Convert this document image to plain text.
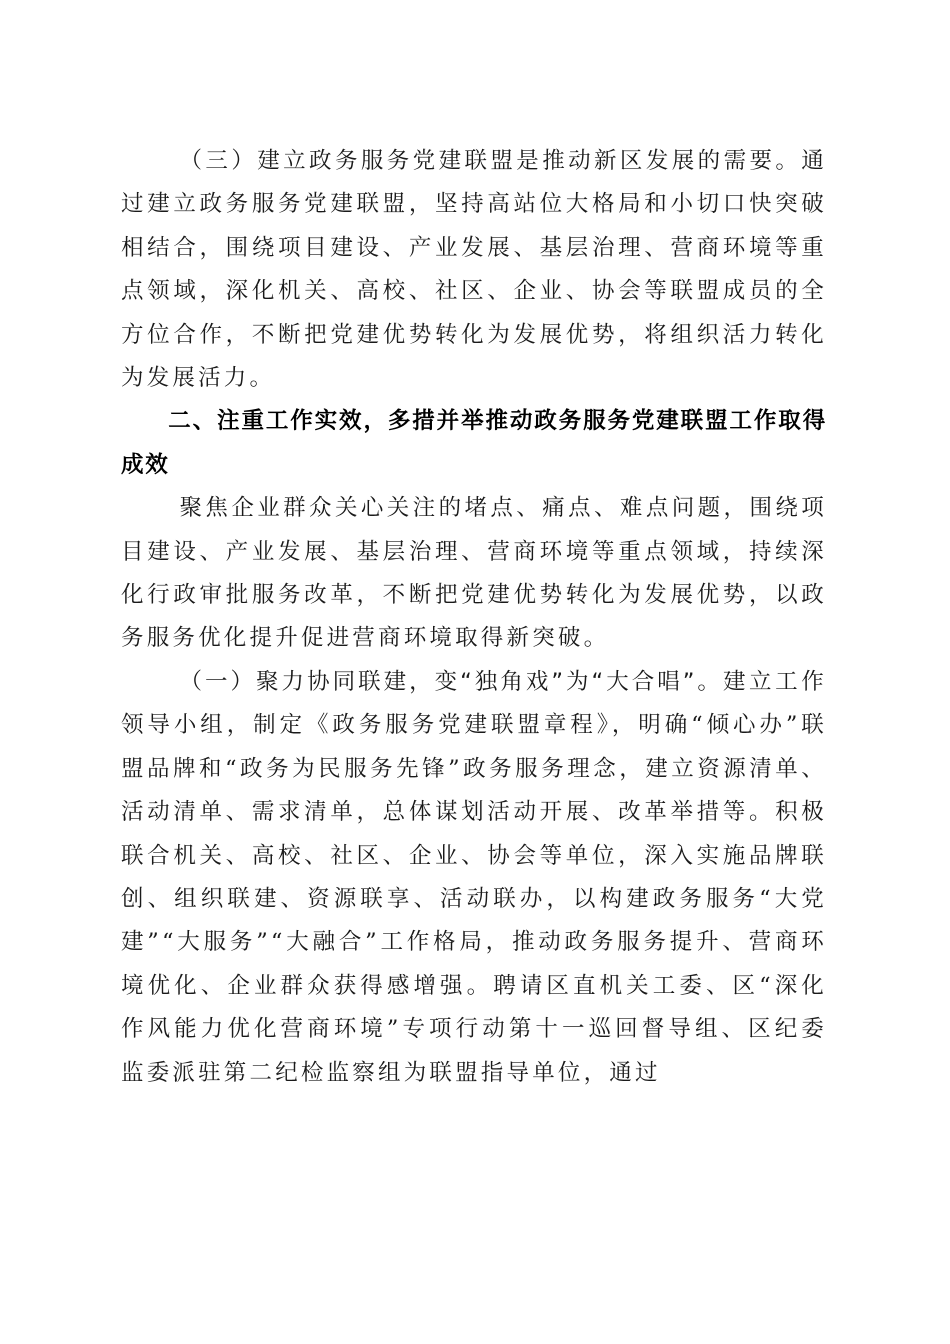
（三）建立政务服务党建联盟是推动新区发展的需要。通过建立政务服务党建联盟，坚持高站位大格局和小切口快突破相结合，围绕项目建设、产业发展、基层治理、营商环境等重点领域，深化机关、高校、社区、企业、协会等联盟成员的全方位合作，不断把党建优势转化为发展优势，将组织活力转化为发展活力。

二、注重工作实效，多措并举推动政务服务党建联盟工作取得成效

聚焦企业群众关心关注的堵点、痛点、难点问题，围绕项目建设、产业发展、基层治理、营商环境等重点领域，持续深化行政审批服务改革，不断把党建优势转化为发展优势，以政务服务优化提升促进营商环境取得新突破。

（一）聚力协同联建，变“独角戏”为“大合唱”。建立工作领导小组，制定《政务服务党建联盟章程》，明确“倾心办”联盟品牌和“政务为民服务先锋”政务服务理念，建立资源清单、活动清单、需求清单，总体谋划活动开展、改革举措等。积极联合机关、高校、社区、企业、协会等单位，深入实施品牌联创、组织联建、资源联享、活动联办，以构建政务服务“大党建”“大服务”“大融合”工作格局，推动政务服务提升、营商环境优化、企业群众获得感增强。聘请区直机关工委、区“深化作风能力优化营商环境”专项行动第十一巡回督导组、区纪委监委派驻第二纪检监察组为联盟指导单位，通过
